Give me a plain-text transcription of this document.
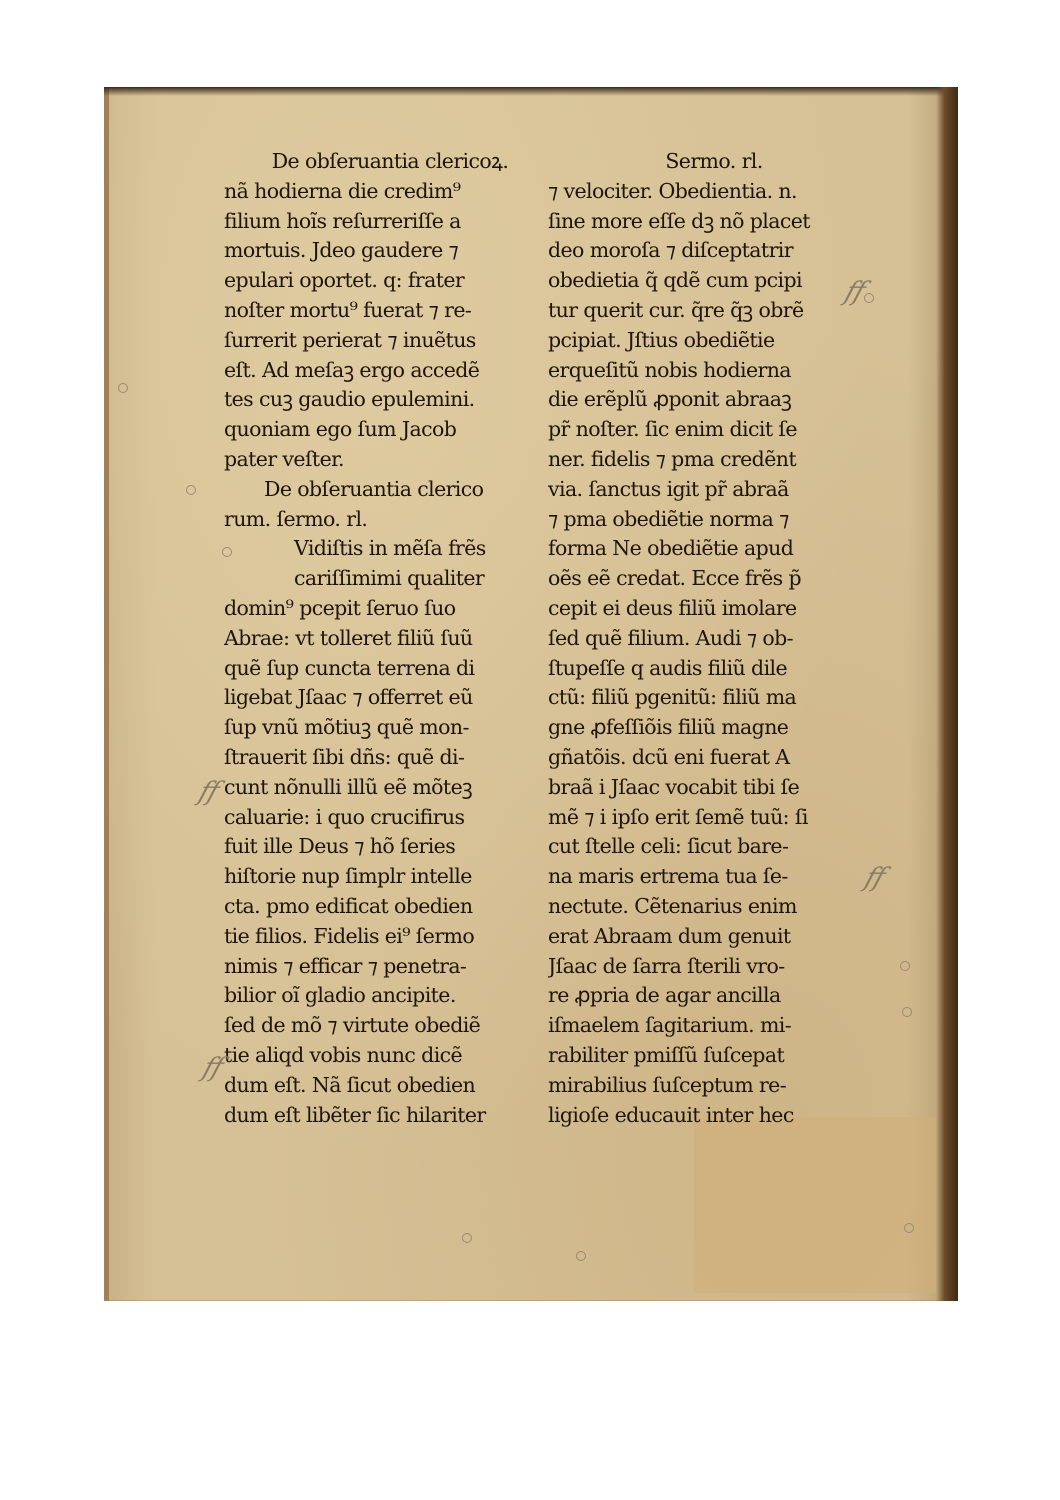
De obſeruantia clericoꝝ.
nã hodierna die credim⁹
filium hoĩs reſurreriſſe a
mortuis. Jdeo gaudere ⁊
epulari oportet. q: frater
noſter mortu⁹ fuerat ⁊ re-
ſurrerit perierat ⁊ inuẽtus
eſt. Ad meſaꝫ ergo accedẽ
tes cuꝫ gaudio epulemini.
quoniam ego ſum Jacob
pater veſter.
De obſeruantia clerico
rum. ſermo. rl.
Vidiſtis in mẽſa frẽs
cariſſimimi qualiter
domin⁹ pcepit ſeruo ſuo
Abrae: vt tolleret filiũ ſuũ
quẽ ſup cuncta terrena di
ligebat Jſaac ⁊ offerret eũ
ſup vnũ mõtiuꝫ quẽ mon-
ſtrauerit ſibi dñs: quẽ di-
cunt nõnulli illũ eẽ mõteꝫ
caluarie: i quo crucifirus
fuit ille Deus ⁊ hõ ſeries
hiſtorie nup ſimplr intelle
cta. pmo edificat obedien
tie filios. Fidelis ei⁹ ſermo
nimis ⁊ efficar ⁊ penetra-
bilior oĩ gladio ancipite.
ſed de mõ ⁊ virtute obediẽ
tie aliqd vobis nunc dicẽ
dum eſt. Nã ſicut obedien
dum eſt libẽter ſic hilariter
Sermo. rl.
⁊ velociter. Obedientia. n.
ſine more eſſe dꝫ nõ placet
deo moroſa ⁊ diſceptatrir
obedietia q̃ qdẽ cum pcipi
tur querit cur. q̃re q̃ꝫ obrẽ
pcipiat. Jſtius obediẽtie
erqueſitũ nobis hodierna
die erẽplũ ꝓponit abraaꝫ
pr̃ noſter. ſic enim dicit ſe
ner. fidelis ⁊ pma credẽnt
via. ſanctus igit pr̃ abraã
⁊ pma obediẽtie norma ⁊
forma Ne obediẽtie apud
oẽs eẽ credat. Ecce frẽs p̃
cepit ei deus filiũ imolare
ſed quẽ filium. Audi ⁊ ob-
ſtupeſſe q audis filiũ dile
ctũ: filiũ pgenitũ: filiũ ma
gne ꝓfeſſiõis filiũ magne
gñatõis. dcũ eni fuerat A
braã i Jſaac vocabit tibi ſe
mẽ ⁊ i ipſo erit ſemẽ tuũ: ſi
cut ſtelle celi: ſicut bare-
na maris ertrema tua ſe-
nectute. Cẽtenarius enim
erat Abraam dum genuit
Jſaac de ſarra ſterili vro-
re ꝓpria de agar ancilla
iſmaelem ſagitarium. mi-
rabiliter pmiſſũ ſuſcepat
mirabilius ſuſceptum re-
ligioſe educauit inter hec
ff
ff
ff
ff
